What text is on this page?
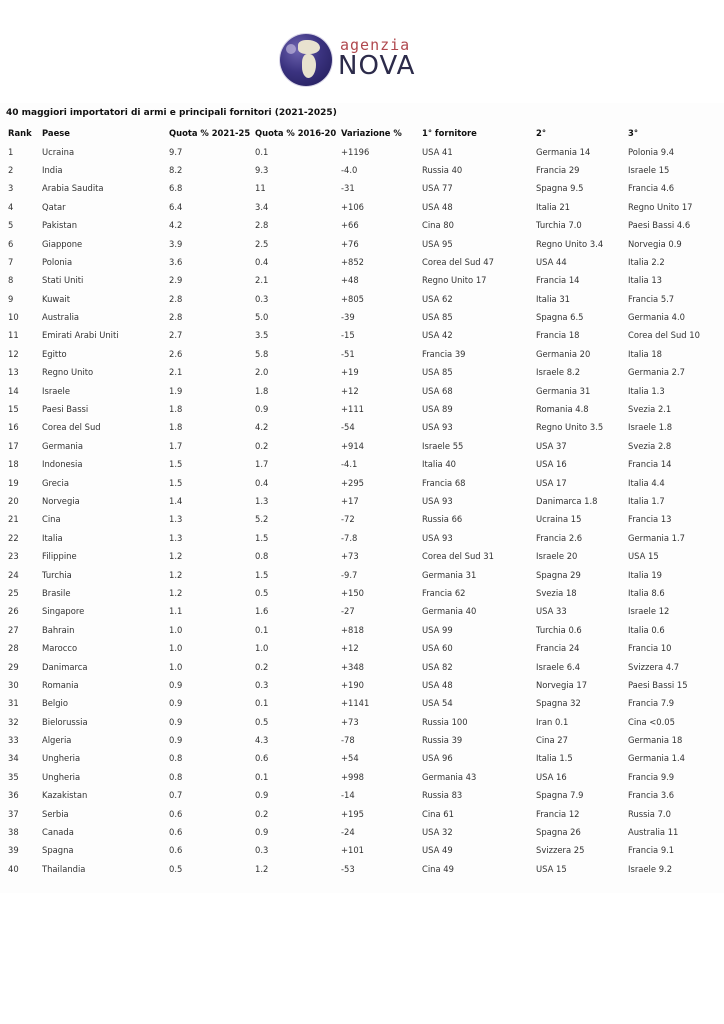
agenzia
NOVA
40 maggiori importatori di armi e principali fornitori (2021-2025)
Rank	Paese	Quota % 2021-25	Quota % 2016-20	Variazione %	1° fornitore	2°	3°
1	Ucraina	9.7	0.1	+1196	USA 41	Germania 14	Polonia 9.4
2	India	8.2	9.3	-4.0	Russia 40	Francia 29	Israele 15
3	Arabia Saudita	6.8	11	-31	USA 77	Spagna 9.5	Francia 4.6
4	Qatar	6.4	3.4	+106	USA 48	Italia 21	Regno Unito 17
5	Pakistan	4.2	2.8	+66	Cina 80	Turchia 7.0	Paesi Bassi 4.6
6	Giappone	3.9	2.5	+76	USA 95	Regno Unito 3.4	Norvegia 0.9
7	Polonia	3.6	0.4	+852	Corea del Sud 47	USA 44	Italia 2.2
8	Stati Uniti	2.9	2.1	+48	Regno Unito 17	Francia 14	Italia 13
9	Kuwait	2.8	0.3	+805	USA 62	Italia 31	Francia 5.7
10	Australia	2.8	5.0	-39	USA 85	Spagna 6.5	Germania 4.0
11	Emirati Arabi Uniti	2.7	3.5	-15	USA 42	Francia 18	Corea del Sud 10
12	Egitto	2.6	5.8	-51	Francia 39	Germania 20	Italia 18
13	Regno Unito	2.1	2.0	+19	USA 85	Israele 8.2	Germania 2.7
14	Israele	1.9	1.8	+12	USA 68	Germania 31	Italia 1.3
15	Paesi Bassi	1.8	0.9	+111	USA 89	Romania 4.8	Svezia 2.1
16	Corea del Sud	1.8	4.2	-54	USA 93	Regno Unito 3.5	Israele 1.8
17	Germania	1.7	0.2	+914	Israele 55	USA 37	Svezia 2.8
18	Indonesia	1.5	1.7	-4.1	Italia 40	USA 16	Francia 14
19	Grecia	1.5	0.4	+295	Francia 68	USA 17	Italia 4.4
20	Norvegia	1.4	1.3	+17	USA 93	Danimarca 1.8	Italia 1.7
21	Cina	1.3	5.2	-72	Russia 66	Ucraina 15	Francia 13
22	Italia	1.3	1.5	-7.8	USA 93	Francia 2.6	Germania 1.7
23	Filippine	1.2	0.8	+73	Corea del Sud 31	Israele 20	USA 15
24	Turchia	1.2	1.5	-9.7	Germania 31	Spagna 29	Italia 19
25	Brasile	1.2	0.5	+150	Francia 62	Svezia 18	Italia 8.6
26	Singapore	1.1	1.6	-27	Germania 40	USA 33	Israele 12
27	Bahrain	1.0	0.1	+818	USA 99	Turchia 0.6	Italia 0.6
28	Marocco	1.0	1.0	+12	USA 60	Francia 24	Francia 10
29	Danimarca	1.0	0.2	+348	USA 82	Israele 6.4	Svizzera 4.7
30	Romania	0.9	0.3	+190	USA 48	Norvegia 17	Paesi Bassi 15
31	Belgio	0.9	0.1	+1141	USA 54	Spagna 32	Francia 7.9
32	Bielorussia	0.9	0.5	+73	Russia 100	Iran 0.1	Cina <0.05
33	Algeria	0.9	4.3	-78	Russia 39	Cina 27	Germania 18
34	Ungheria	0.8	0.6	+54	USA 96	Italia 1.5	Germania 1.4
35	Ungheria	0.8	0.1	+998	Germania 43	USA 16	Francia 9.9
36	Kazakistan	0.7	0.9	-14	Russia 83	Spagna 7.9	Francia 3.6
37	Serbia	0.6	0.2	+195	Cina 61	Francia 12	Russia 7.0
38	Canada	0.6	0.9	-24	USA 32	Spagna 26	Australia 11
39	Spagna	0.6	0.3	+101	USA 49	Svizzera 25	Francia 9.1
40	Thailandia	0.5	1.2	-53	Cina 49	USA 15	Israele 9.2
